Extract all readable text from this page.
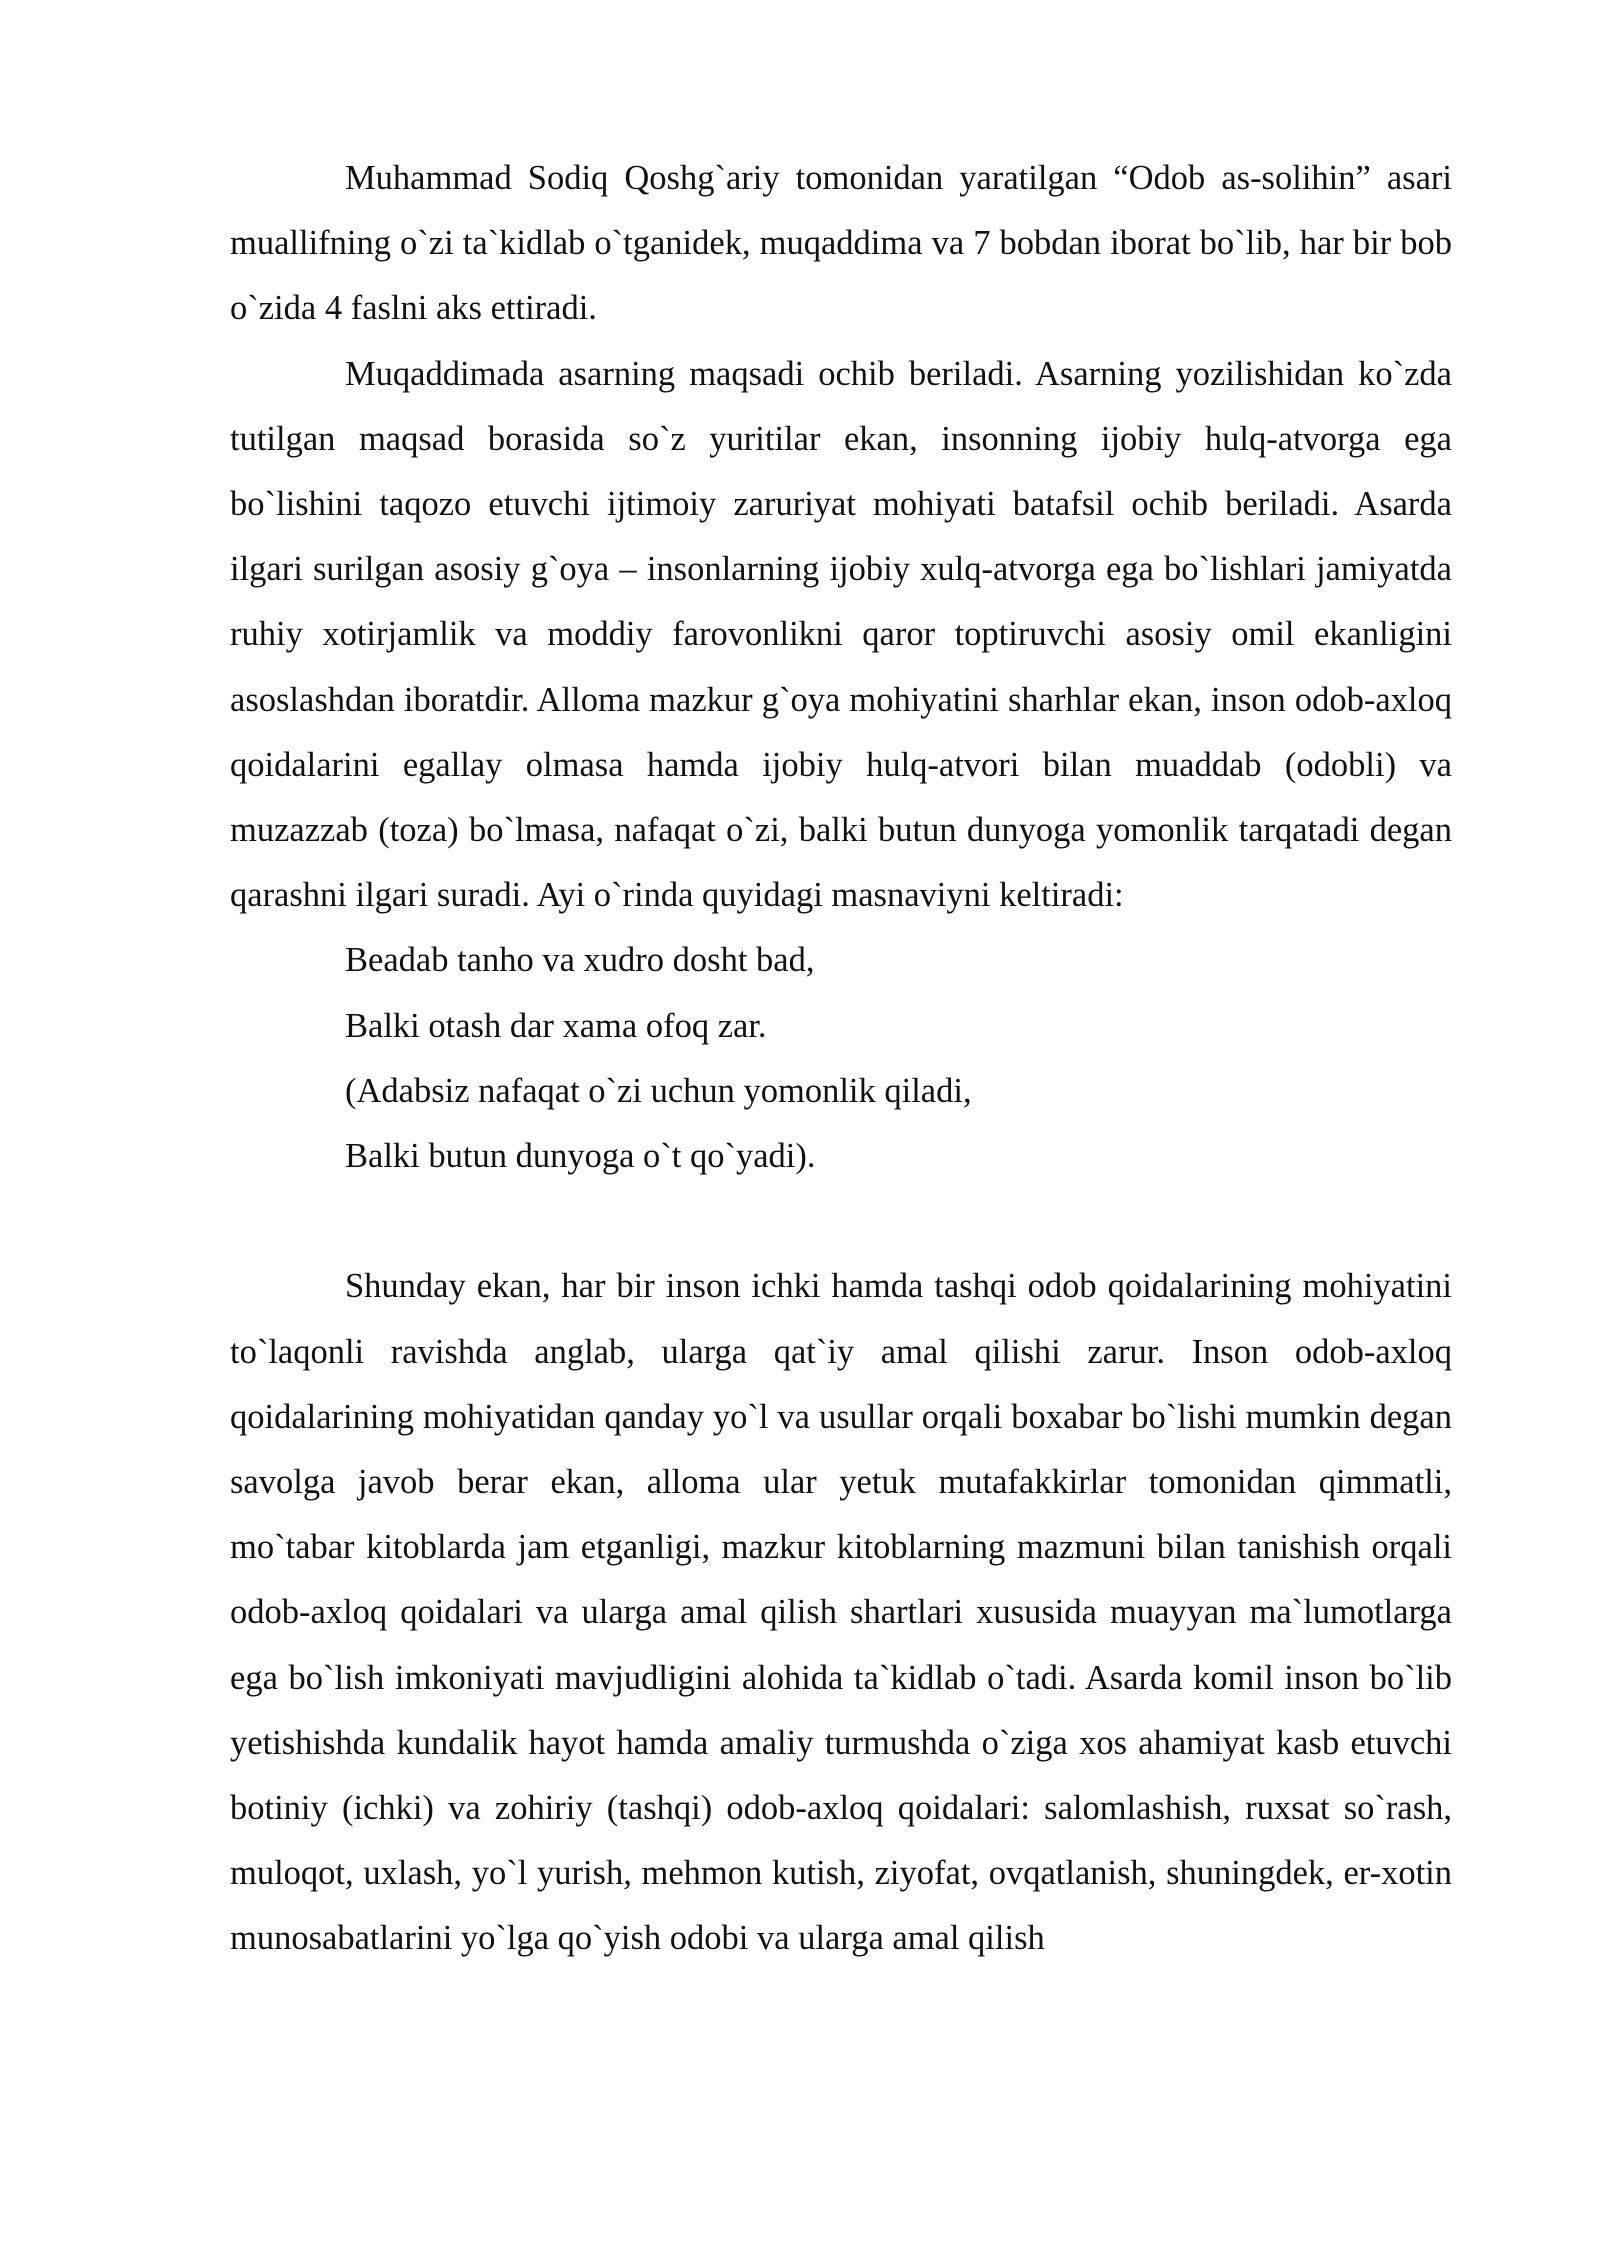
Muhammad Sodiq Qoshg`ariy tomonidan yaratilgan “Odob as-solihin” asari muallifning o`zi ta`kidlab o`tganidek, muqaddima va 7 bobdan iborat bo`lib, har bir bob o`zida 4 faslni aks ettiradi.

Muqaddimada asarning maqsadi ochib beriladi. Asarning yozilishidan ko`zda tutilgan maqsad borasida so`z yuritilar ekan, insonning ijobiy hulq-atvorga ega bo`lishini taqozo etuvchi ijtimoiy zaruriyat mohiyati batafsil ochib beriladi. Asarda ilgari surilgan asosiy g`oya – insonlarning ijobiy xulq-atvorga ega bo`lishlari jamiyatda ruhiy xotirjamlik va moddiy farovonlikni qaror toptiruvchi asosiy omil ekanligini asoslashdan iboratdir. Alloma mazkur g`oya mohiyatini sharhlar ekan, inson odob-axloq qoidalarini egallay olmasa hamda ijobiy hulq-atvori bilan muaddab (odobli) va muzazzab (toza) bo`lmasa, nafaqat o`zi, balki butun dunyoga yomonlik tarqatadi degan qarashni ilgari suradi. Ayi o`rinda quyidagi masnaviyni keltiradi:

Beadab tanho va xudro dosht bad,
Balki otash dar xama ofoq zar.
(Adabsiz nafaqat o`zi uchun yomonlik qiladi,
Balki butun dunyoga o`t qo`yadi).

Shunday ekan, har bir inson ichki hamda tashqi odob qoidalarining mohiyatini to`laqonli ravishda anglab, ularga qat`iy amal qilishi zarur. Inson odob-axloq qoidalarining mohiyatidan qanday yo`l va usullar orqali boxabar bo`lishi mumkin degan savolga javob berar ekan, alloma ular yetuk mutafakkirlar tomonidan qimmatli, mo`tabar kitoblarda jam etganligi, mazkur kitoblarning mazmuni bilan tanishish orqali odob-axloq qoidalari va ularga amal qilish shartlari xususida muayyan ma`lumotlarga ega bo`lish imkoniyati mavjudligini alohida ta`kidlab o`tadi. Asarda komil inson bo`lib yetishishda kundalik hayot hamda amaliy turmushda o`ziga xos ahamiyat kasb etuvchi botiniy (ichki) va zohiriy (tashqi) odob-axloq qoidalari: salomlashish, ruxsat so`rash, muloqot, uxlash, yo`l yurish, mehmon kutish, ziyofat, ovqatlanish, shuningdek, er-xotin munosabatlarini yo`lga qo`yish odobi va ularga amal qilish
